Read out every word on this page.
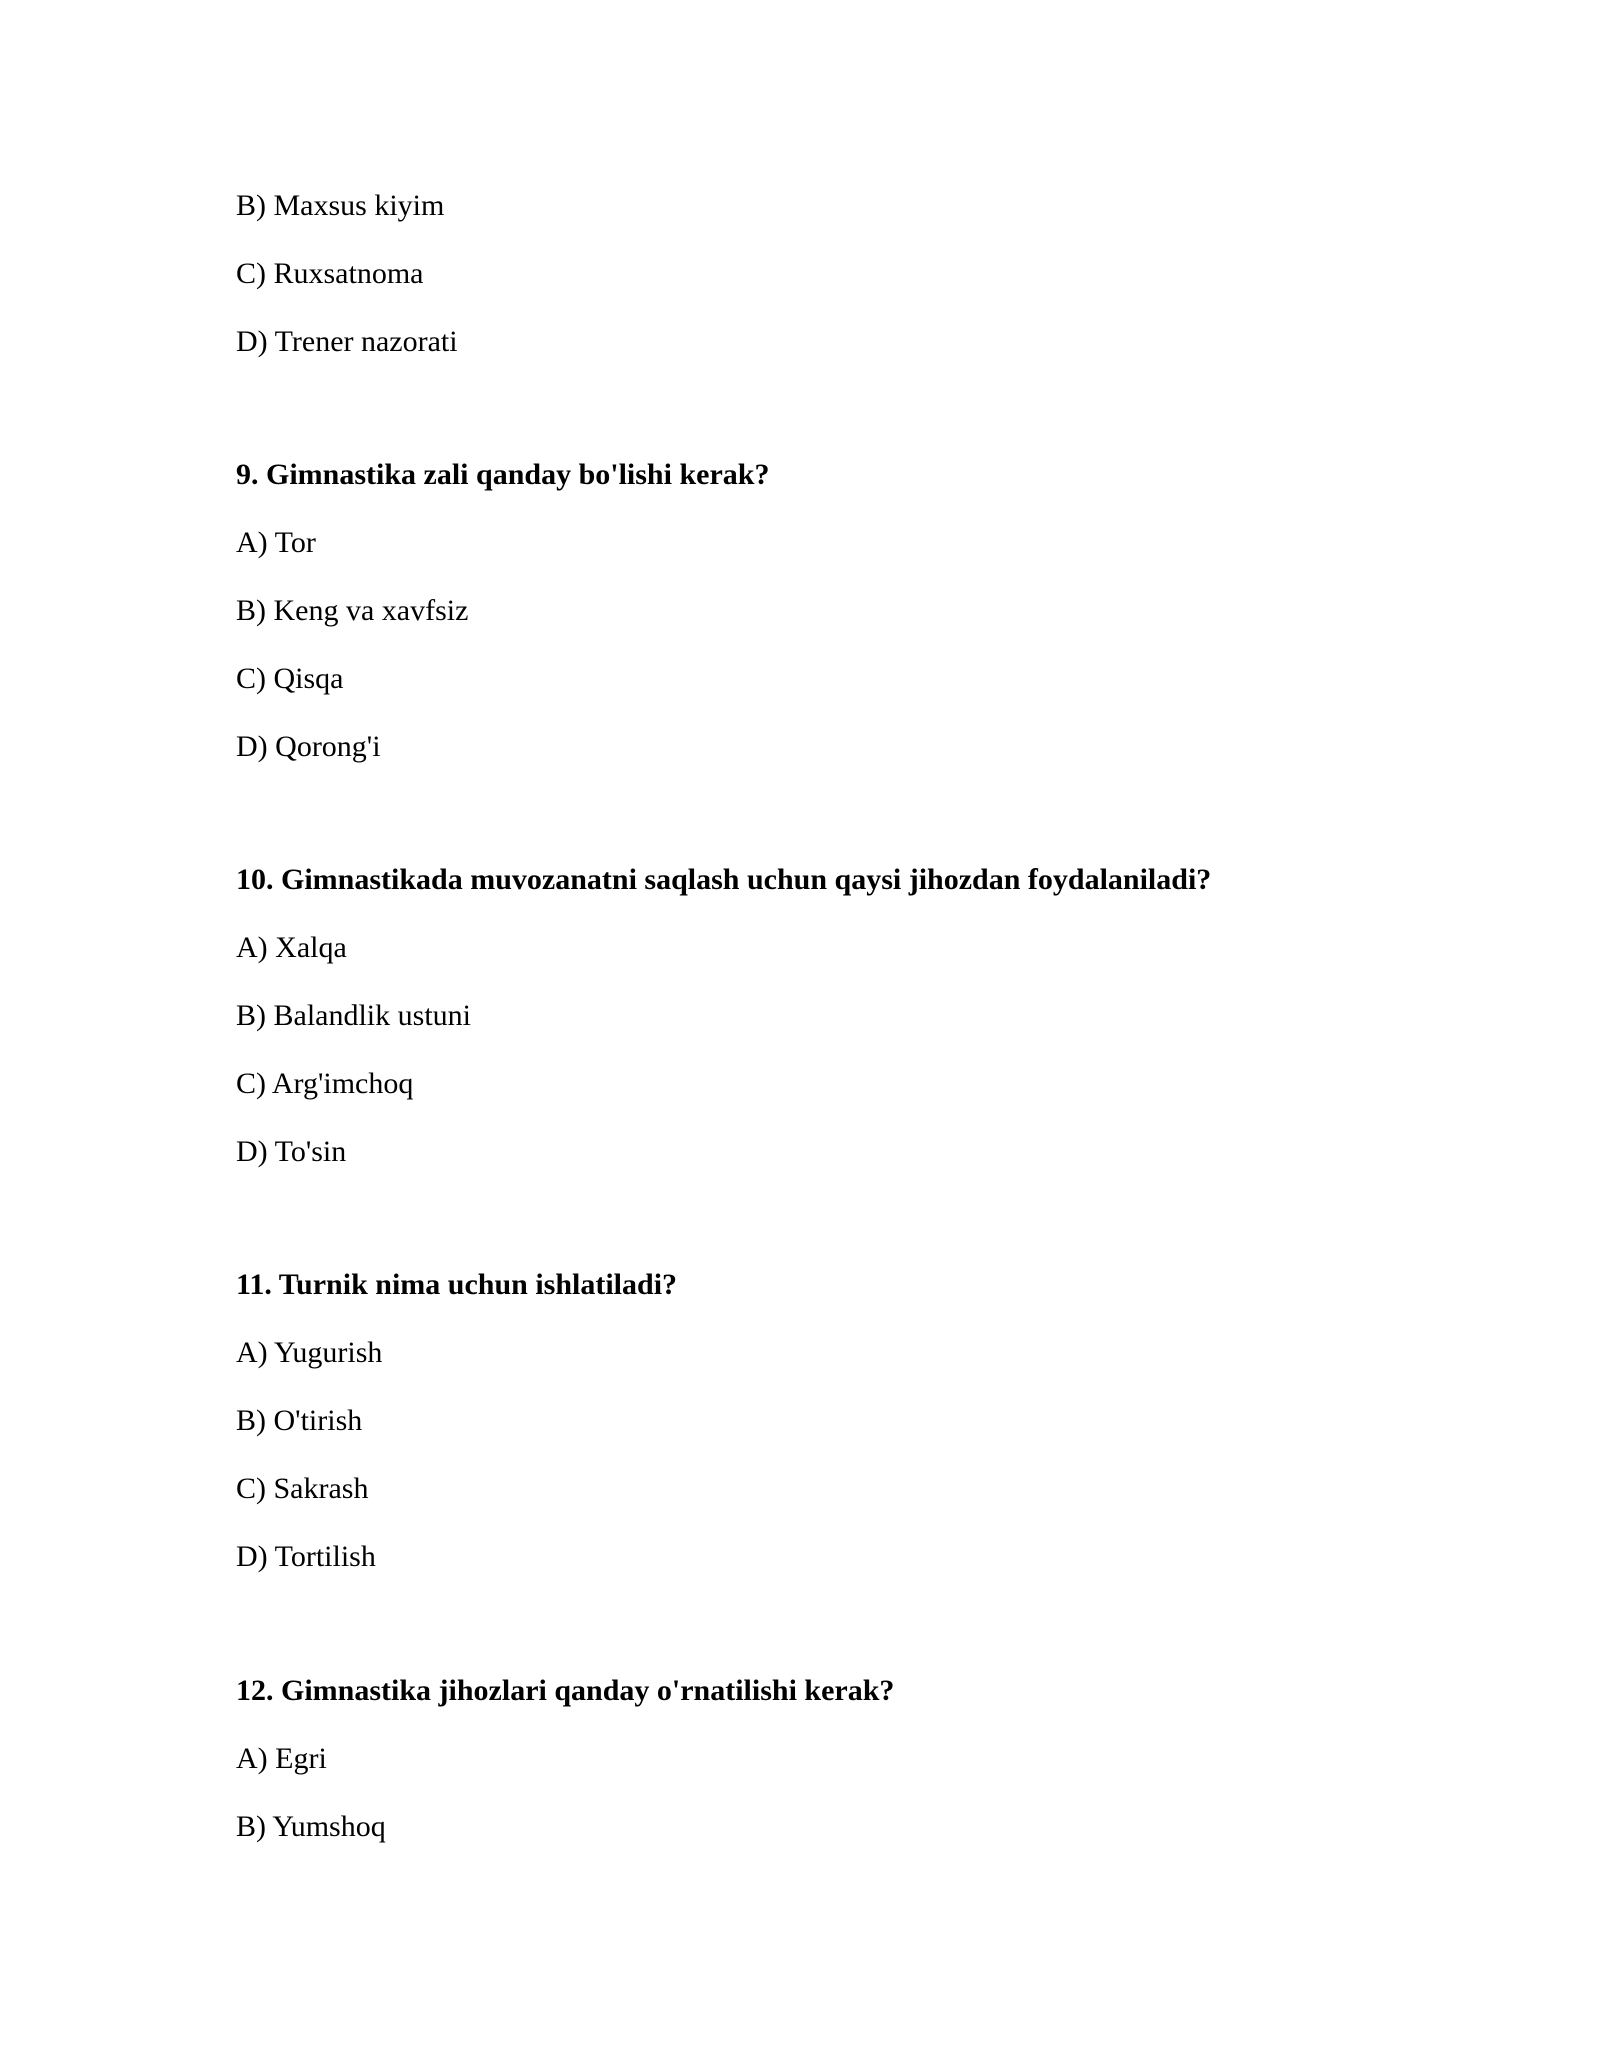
B) Maxsus kiyim
C) Ruxsatnoma
D) Trener nazorati
9. Gimnastika zali qanday bo'lishi kerak?
A) Tor
B) Keng va xavfsiz
C) Qisqa
D) Qorong'i
10. Gimnastikada muvozanatni saqlash uchun qaysi jihozdan foydalaniladi?
A) Xalqa
B) Balandlik ustuni
C) Arg'imchoq
D) To'sin
11. Turnik nima uchun ishlatiladi?
A) Yugurish
B) O'tirish
C) Sakrash
D) Tortilish
12. Gimnastika jihozlari qanday o'rnatilishi kerak?
A) Egri
B) Yumshoq
